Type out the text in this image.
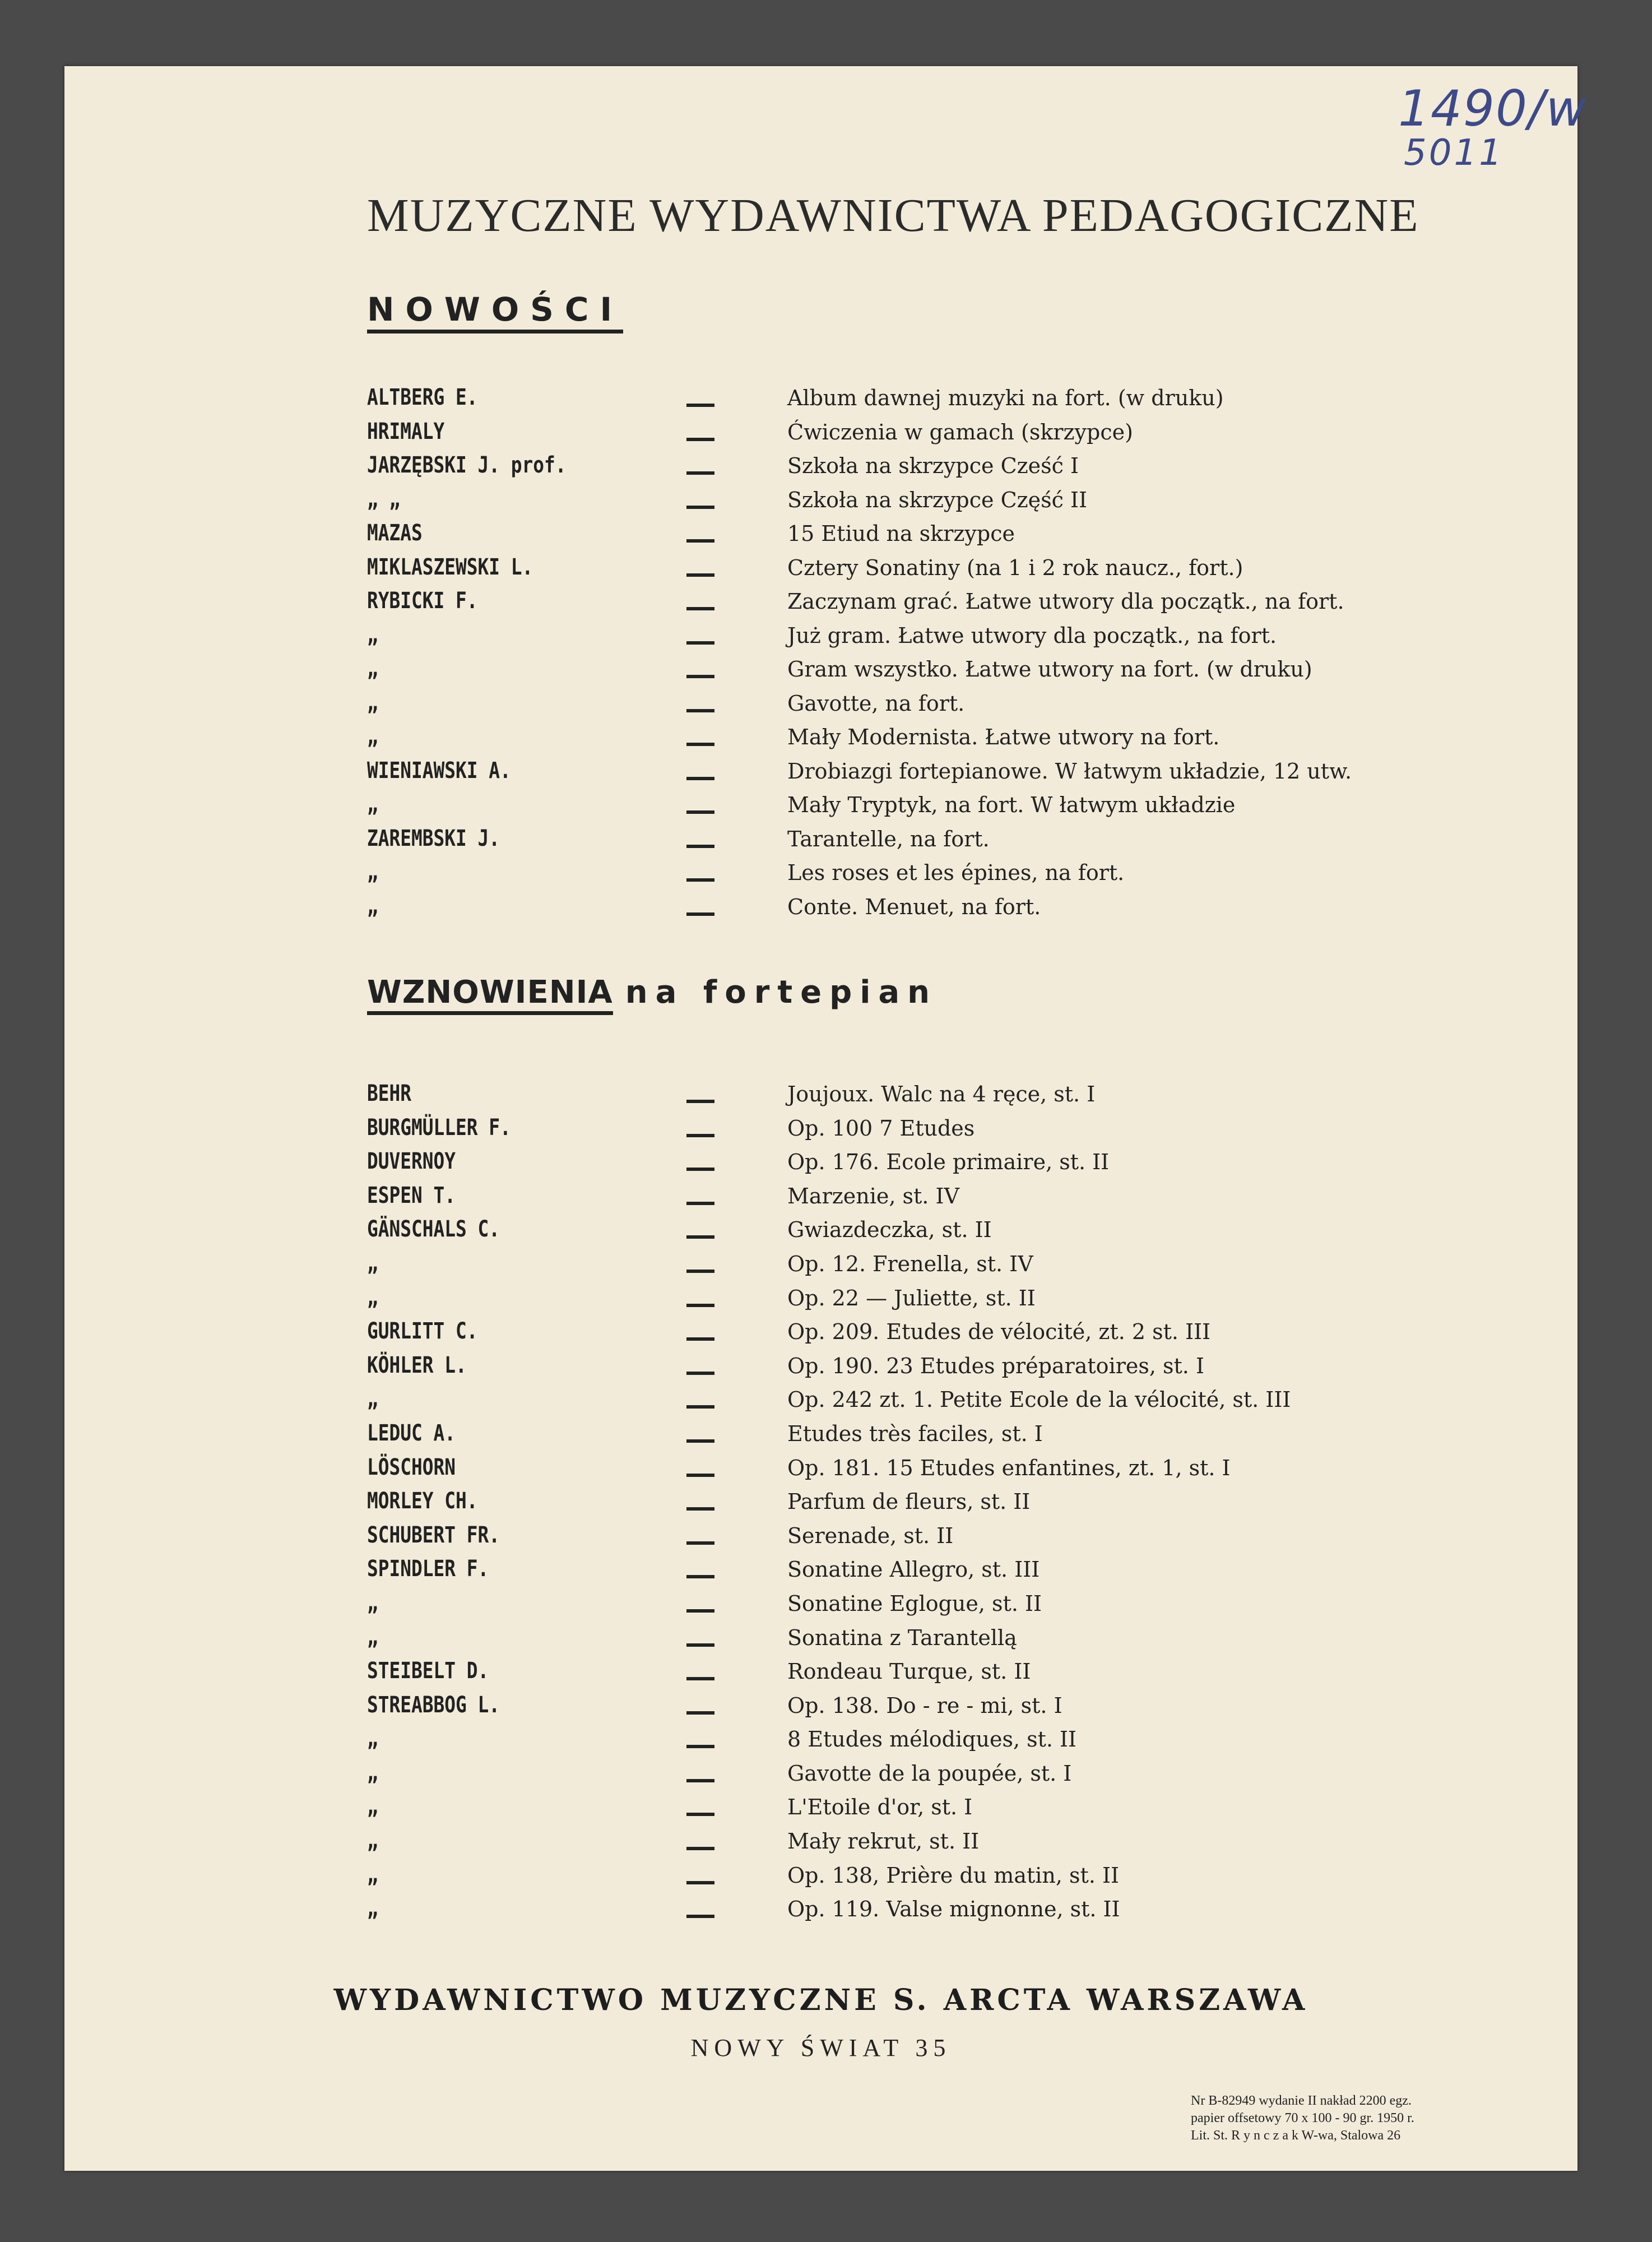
1490/w
5011
MUZYCZNE WYDAWNICTWA PEDAGOGICZNE
NOWOŚCI
ALTBERG E.	Album dawnej muzyki na fort. (w druku)
HRIMALY	Ćwiczenia w gamach (skrzypce)
JARZĘBSKI J. prof.	Szkoła na skrzypce Cześć I
„ „	Szkoła na skrzypce Część II
MAZAS	15 Etiud na skrzypce
MIKLASZEWSKI L.	Cztery Sonatiny (na 1 i 2 rok naucz., fort.)
RYBICKI F.	Zaczynam grać. Łatwe utwory dla początk., na fort.
„	Już gram. Łatwe utwory dla początk., na fort.
„	Gram wszystko. Łatwe utwory na fort. (w druku)
„	Gavotte, na fort.
„	Mały Modernista. Łatwe utwory na fort.
WIENIAWSKI A.	Drobiazgi fortepianowe. W łatwym układzie, 12 utw.
„	Mały Tryptyk, na fort. W łatwym układzie
ZAREMBSKI J.	Tarantelle, na fort.
„	Les roses et les épines, na fort.
„	Conte. Menuet, na fort.
WZNOWIENIA na fortepian
BEHR	Joujoux. Walc na 4 ręce, st. I
BURGMÜLLER F.	Op. 100 7 Etudes
DUVERNOY	Op. 176. Ecole primaire, st. II
ESPEN T.	Marzenie, st. IV
GÄNSCHALS C.	Gwiazdeczka, st. II
„	Op. 12. Frenella, st. IV
„	Op. 22 — Juliette, st. II
GURLITT C.	Op. 209. Etudes de vélocité, zt. 2 st. III
KÖHLER L.	Op. 190. 23 Etudes préparatoires, st. I
„	Op. 242 zt. 1. Petite Ecole de la vélocité, st. III
LEDUC A.	Etudes très faciles, st. I
LÖSCHORN	Op. 181. 15 Etudes enfantines, zt. 1, st. I
MORLEY CH.	Parfum de fleurs, st. II
SCHUBERT FR.	Serenade, st. II
SPINDLER F.	Sonatine Allegro, st. III
„	Sonatine Eglogue, st. II
„	Sonatina z Tarantellą
STEIBELT D.	Rondeau Turque, st. II
STREABBOG L.	Op. 138. Do - re - mi, st. I
„	8 Etudes mélodiques, st. II
„	Gavotte de la poupée, st. I
„	L'Etoile d'or, st. I
„	Mały rekrut, st. II
„	Op. 138, Prière du matin, st. II
„	Op. 119. Valse mignonne, st. II
WYDAWNICTWO MUZYCZNE S. ARCTA WARSZAWA
NOWY ŚWIAT 35
Nr B-82949 wydanie II nakład 2200 egz.
papier offsetowy 70 x 100 - 90 gr. 1950 r.
Lit. St. R y n c z a k W-wa, Stalowa 26
